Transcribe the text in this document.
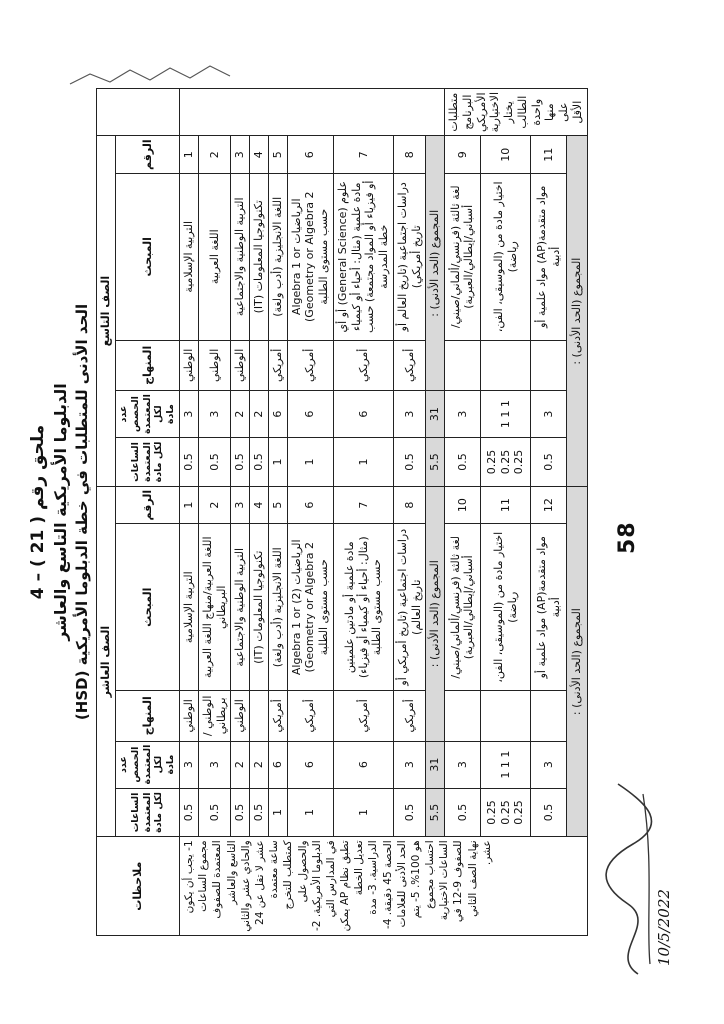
ملحق رقم ( 21 ) – 4 الدبلوما الأمريكية التاسع والعاشر
(HSD) الحد الأدنى للمتطلبات في خطة الدبلوما الأمريكية
	الصف التاسع					الصف العاشر					ملاحظات
	الرقم	المبحث	المنهاج	عدد الحصص المعتمدة لكل مادة	الساعات المعتمدة لكل مادة	الرقم	المبحث	المنهاج	عدد الحصص المعتمدة لكل مادة	الساعات المعتمدة لكل مادة	
	1	التربية الإسلامية	الوطني	3	0.5	1	التربية الإسلامية	الوطني	3	0.5	1- يجب أن يكون مجموع الساعات المعتمدة للصفوف التاسع والعاشر والحادي عشر والثاني عشر لا تقل عن 24 ساعة معتمدة كمتطلب للتخرج والحصول على الدبلوما الأمريكية. 2- في المدارس التي تطبق نظام AP يمكن تعديل الخطة الدراسية. 3- مدة الحصة 45 دقيقة. 4- الحد الأدنى للعلامات هو 100%. 5- يتم احتساب مجموع الساعات الاختيارية للصفوف 9-12 في نهاية الصف الثاني عشر.
	2	اللغة العربية	الوطني	3	0.5	2	اللغة العربية/منهاج اللغة العربية البريطاني	الوطني /بريطاني	3	0.5	
	3	التربية الوطنية والاجتماعية	الوطني	2	0.5	3	التربية الوطنية والاجتماعية	الوطني	2	0.5	
	4	تكنولوجيا المعلومات (IT)		2	0.5	4	تكنولوجيا المعلومات (IT)		2	0.5	
	5	اللغة الانجليزية (أدب ولغة)	أمريكي	6	1	5	اللغة الانجليزية (أدب ولغة)	أمريكي	6	1	
	6	الرياضيات Algebra 1 or (Geometry or Algebra 2 حسب مستوى الطلبة	أمريكي	6	1	6	الرياضيات Algebra 1 or (2) (Geometry or Algebra 2 حسب مستوى الطلبة	أمريكي	6	1	
	7	علوم (General Science) أو أي مادة علمية (مثال: أحياء أو كيمياء أو فيزياء أو المواد مجتمعة) حسب خطة المدرسة	أمريكي	6	1	7	مادة علمية أو مادتين علميتين (مثال: أحياء أو كيمياء أو فيزياء) حسب مستوى الطلبة	أمريكي	6	1	
	8	دراسات اجتماعية (تاريخ العالم أو تاريخ أمريكي)	أمريكي	3	0.5	8	دراسات اجتماعية (تاريخ أمريكي أو تاريخ العالم)	أمريكي	3	0.5	
	المجموع (الحد الأدنى) :			31	5.5	المجموع (الحد الأدنى) :			31	5.5	
متطلبات البرنامج الأمريكي الاختيارية يختار الطالب واحدة منها على الأقل	9	لغة ثالثة (فرنسي/ألماني/صيني/أسباني/إيطالي/العبرية)		3	0.5	10	لغة ثالثة (فرنسي/ألماني/صيني/أسباني/إيطالي/العبرية)		3	0.5	
	10	اختيار مادة من (الموسيقى، الفن، رياضة)		1 1 1	0.25 0.25 0.25	11	اختيار مادة من (الموسيقى، الفن، رياضة)		1 1 1	0.25 0.25 0.25	
	11	مواد متقدمة(AP) مواد علمية أو أدبية		3	0.5	12	مواد متقدمة(AP) مواد علمية أو أدبية		3	0.5	
	المجموع (الحد الأدنى) :					المجموع (الحد الأدنى) :					
58
10/5/2022
